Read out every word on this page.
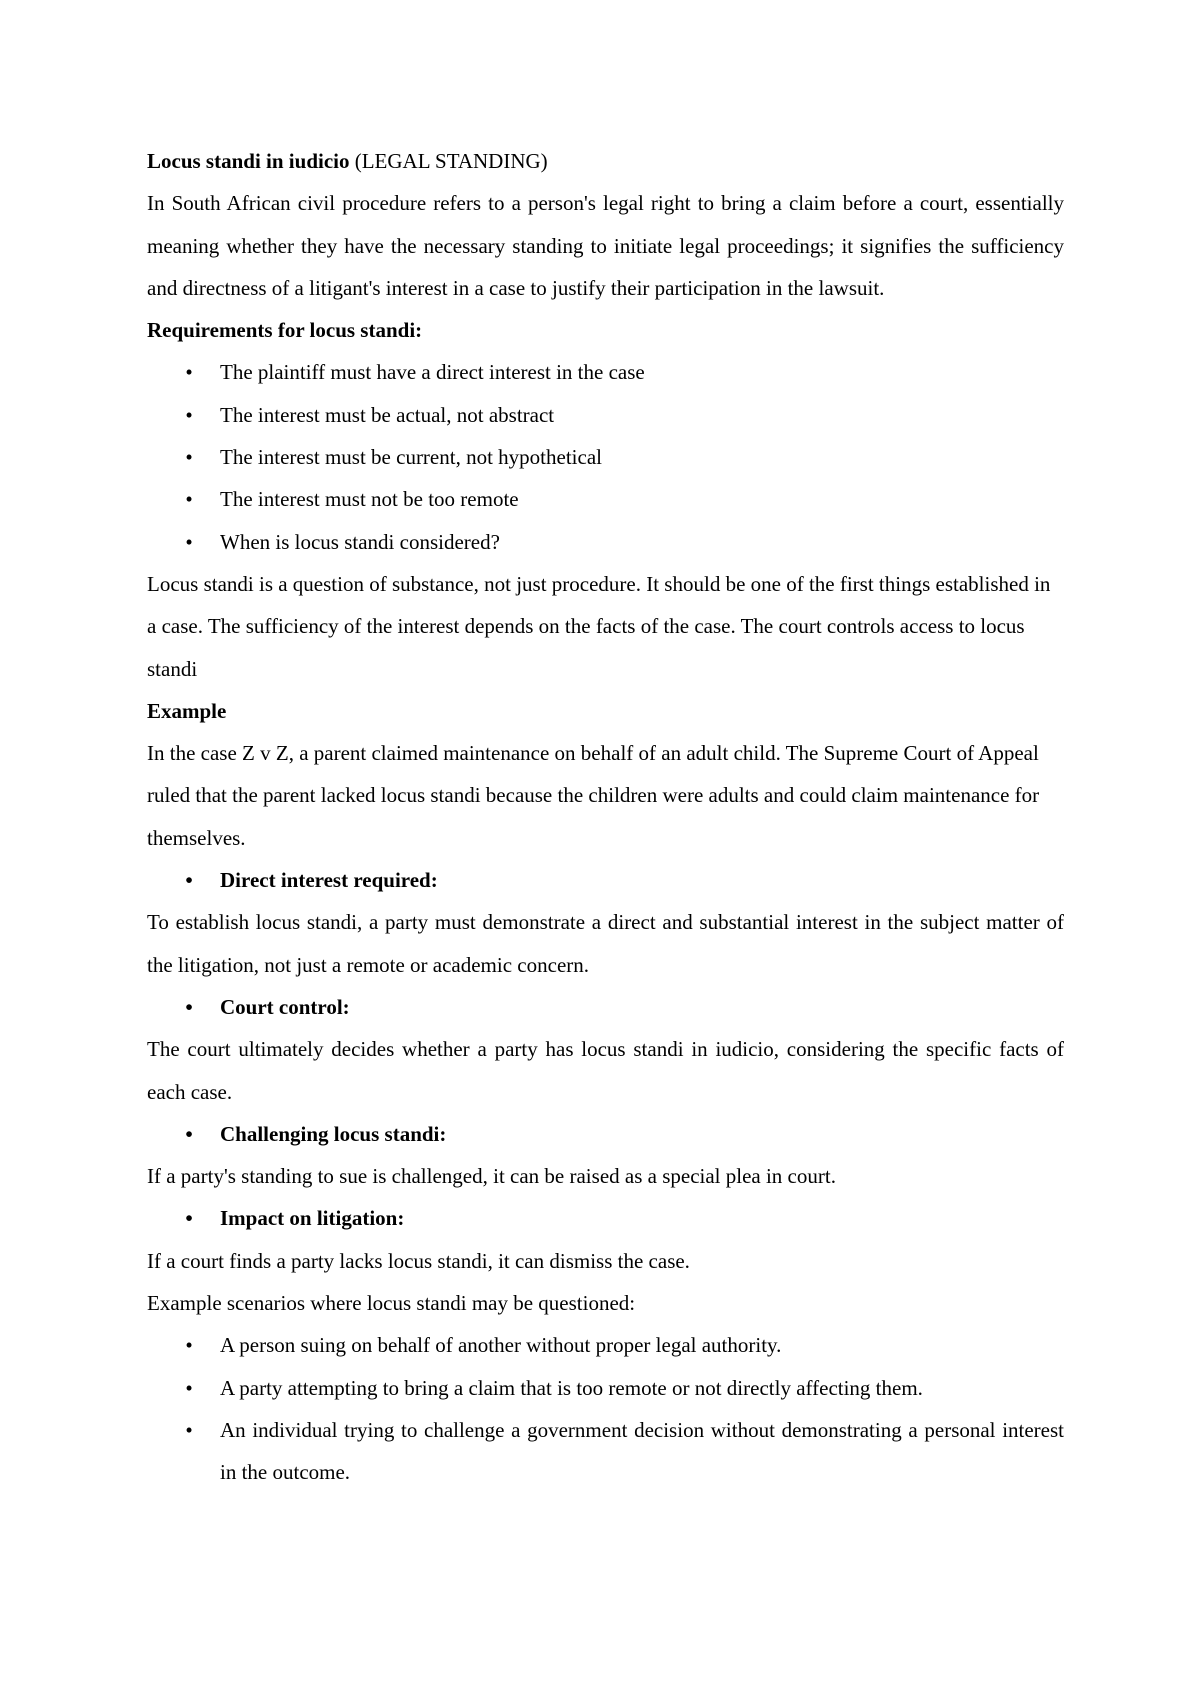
Locus standi in iudicio (LEGAL STANDING)

In South African civil procedure refers to a person's legal right to bring a claim before a court, essentially meaning whether they have the necessary standing to initiate legal proceedings; it signifies the sufficiency and directness of a litigant's interest in a case to justify their participation in the lawsuit.

Requirements for locus standi:

• The plaintiff must have a direct interest in the case
• The interest must be actual, not abstract
• The interest must be current, not hypothetical
• The interest must not be too remote
• When is locus standi considered?

Locus standi is a question of substance, not just procedure. It should be one of the first things established in a case. The sufficiency of the interest depends on the facts of the case. The court controls access to locus standi

Example

In the case Z v Z, a parent claimed maintenance on behalf of an adult child. The Supreme Court of Appeal ruled that the parent lacked locus standi because the children were adults and could claim maintenance for themselves.

• Direct interest required:

To establish locus standi, a party must demonstrate a direct and substantial interest in the subject matter of the litigation, not just a remote or academic concern.

• Court control:

The court ultimately decides whether a party has locus standi in iudicio, considering the specific facts of each case.

• Challenging locus standi:

If a party's standing to sue is challenged, it can be raised as a special plea in court.

• Impact on litigation:

If a court finds a party lacks locus standi, it can dismiss the case.

Example scenarios where locus standi may be questioned:

• A person suing on behalf of another without proper legal authority.
• A party attempting to bring a claim that is too remote or not directly affecting them.
• An individual trying to challenge a government decision without demonstrating a personal interest in the outcome.
